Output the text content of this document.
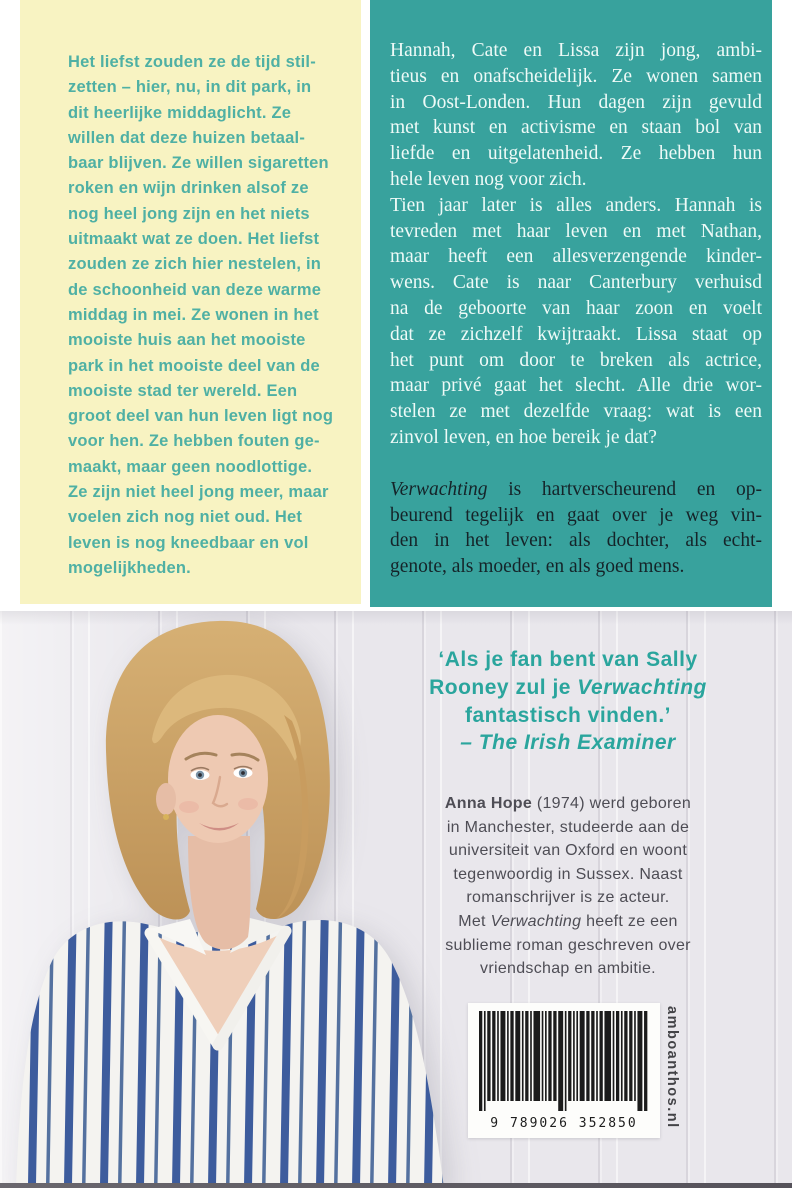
Het liefst zouden ze de tijd stil-
zetten – hier, nu, in dit park, in
dit heerlijke middaglicht. Ze
willen dat deze huizen betaal-
baar blijven. Ze willen sigaretten
roken en wijn drinken alsof ze
nog heel jong zijn en het niets
uitmaakt wat ze doen. Het liefst
zouden ze zich hier nestelen, in
de schoonheid van deze warme
middag in mei. Ze wonen in het
mooiste huis aan het mooiste
park in het mooiste deel van de
mooiste stad ter wereld. Een
groot deel van hun leven ligt nog
voor hen. Ze hebben fouten ge-
maakt, maar geen noodlottige.
Ze zijn niet heel jong meer, maar
voelen zich nog niet oud. Het
leven is nog kneedbaar en vol
mogelijkheden.
Hannah, Cate en Lissa zijn jong, ambi-
tieus en onafscheidelijk. Ze wonen samen
in Oost-Londen. Hun dagen zijn gevuld
met kunst en activisme en staan bol van
liefde en uitgelatenheid. Ze hebben hun
hele leven nog voor zich.
Tien jaar later is alles anders. Hannah is
tevreden met haar leven en met Nathan,
maar heeft een allesverzengende kinder-
wens. Cate is naar Canterbury verhuisd
na de geboorte van haar zoon en voelt
dat ze zichzelf kwijtraakt. Lissa staat op
het punt om door te breken als actrice,
maar privé gaat het slecht. Alle drie wor-
stelen ze met dezelfde vraag: wat is een
zinvol leven, en hoe bereik je dat?
Verwachting is hartverscheurend en op-
beurend tegelijk en gaat over je weg vin-
den in het leven: als dochter, als echt-
genote, als moeder, en als goed mens.
‘Als je fan bent van Sally
Rooney zul je Verwachting
fantastisch vinden.’
– The Irish Examiner
Anna Hope (1974) werd geboren
in Manchester, studeerde aan de
universiteit van Oxford en woont
tegenwoordig in Sussex. Naast
romanschrijver is ze acteur.
Met Verwachting heeft ze een
sublieme roman geschreven over
vriendschap en ambitie.
9 789026 352850	amboanthos.nl
